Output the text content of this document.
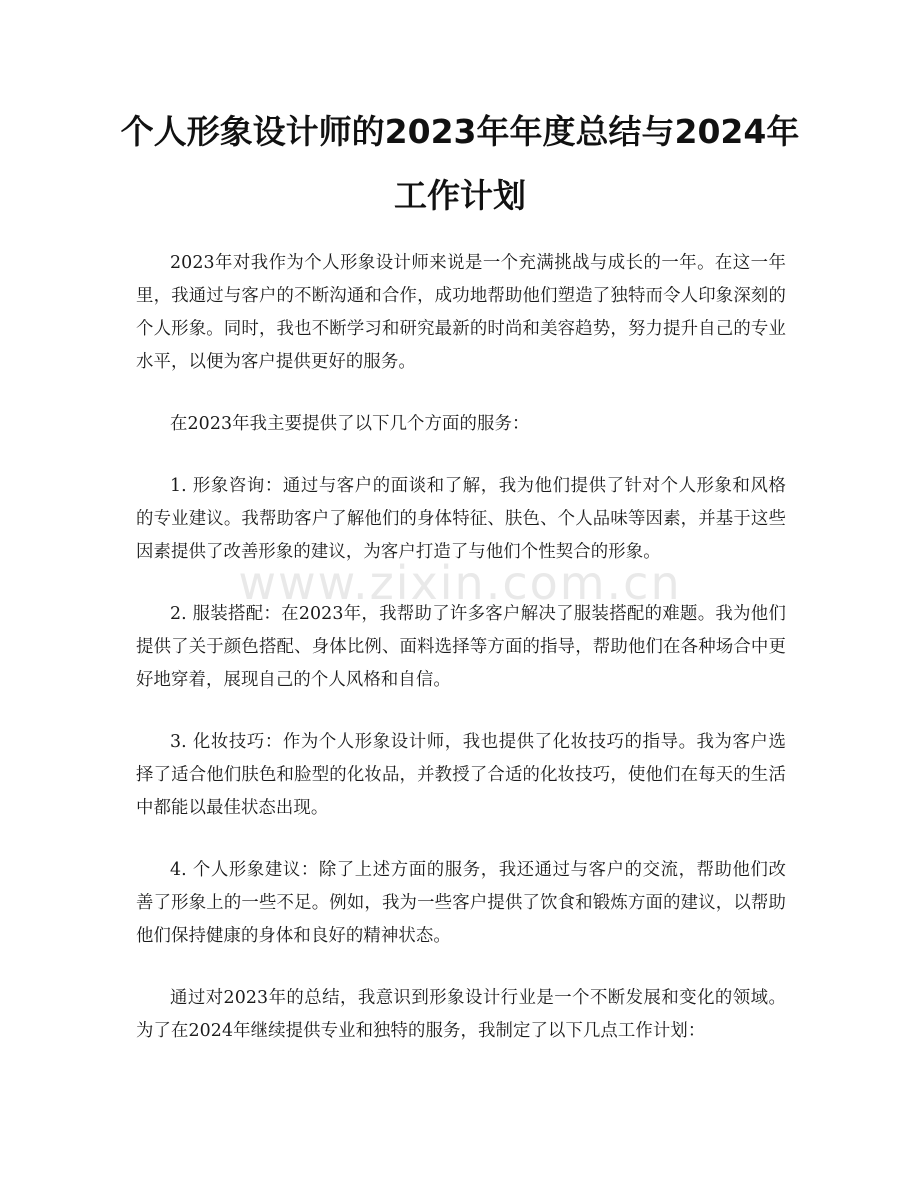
www.zixin.com.cn
个人形象设计师的2023年年度总结与2024年工作计划

2023年对我作为个人形象设计师来说是一个充满挑战与成长的一年。在这一年里，我通过与客户的不断沟通和合作，成功地帮助他们塑造了独特而令人印象深刻的个人形象。同时，我也不断学习和研究最新的时尚和美容趋势，努力提升自己的专业水平，以便为客户提供更好的服务。

在2023年我主要提供了以下几个方面的服务：

1. 形象咨询：通过与客户的面谈和了解，我为他们提供了针对个人形象和风格的专业建议。我帮助客户了解他们的身体特征、肤色、个人品味等因素，并基于这些因素提供了改善形象的建议，为客户打造了与他们个性契合的形象。

2. 服装搭配：在2023年，我帮助了许多客户解决了服装搭配的难题。我为他们提供了关于颜色搭配、身体比例、面料选择等方面的指导，帮助他们在各种场合中更好地穿着，展现自己的个人风格和自信。

3. 化妆技巧：作为个人形象设计师，我也提供了化妆技巧的指导。我为客户选择了适合他们肤色和脸型的化妆品，并教授了合适的化妆技巧，使他们在每天的生活中都能以最佳状态出现。

4. 个人形象建议：除了上述方面的服务，我还通过与客户的交流，帮助他们改善了形象上的一些不足。例如，我为一些客户提供了饮食和锻炼方面的建议，以帮助他们保持健康的身体和良好的精神状态。

通过对2023年的总结，我意识到形象设计行业是一个不断发展和变化的领域。为了在2024年继续提供专业和独特的服务，我制定了以下几点工作计划：
